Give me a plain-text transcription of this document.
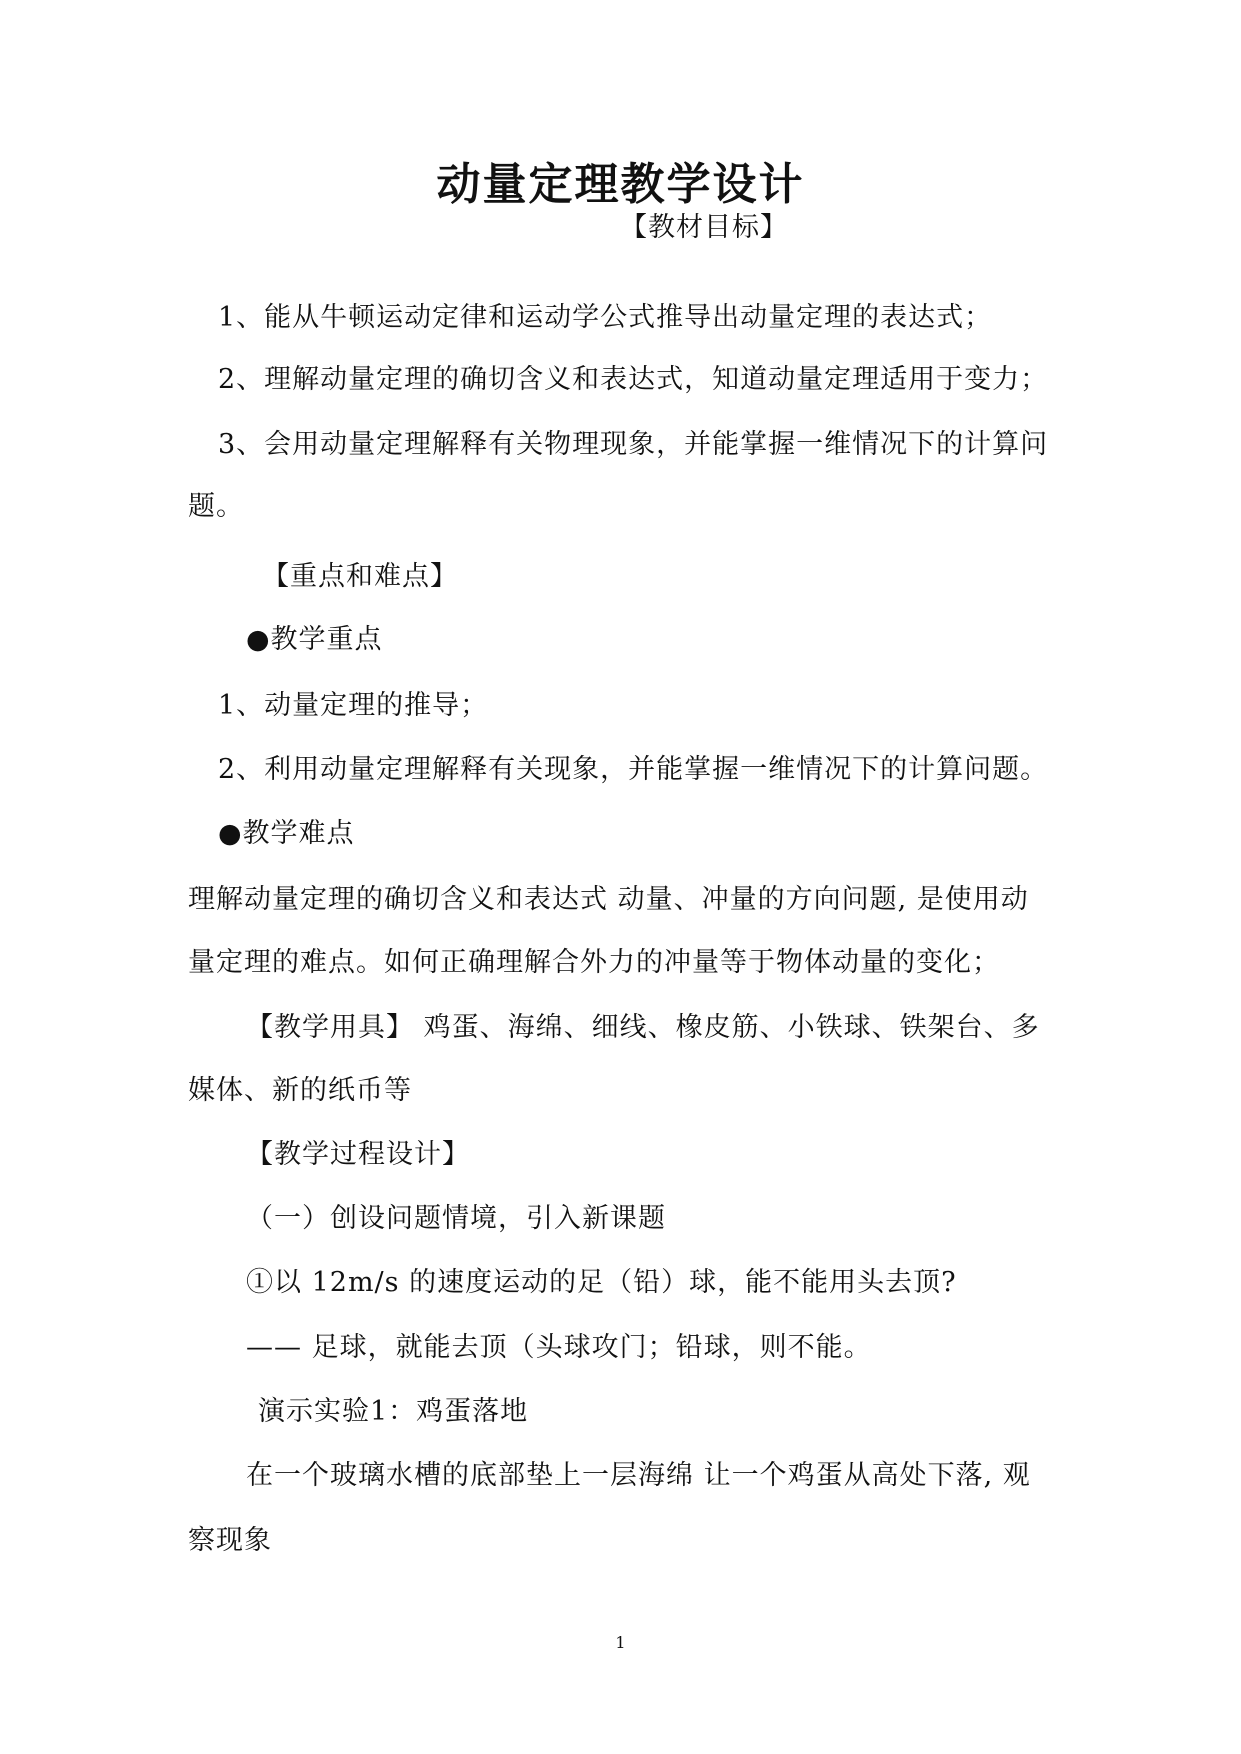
动量定理教学设计
【教材目标】
1、能从牛顿运动定律和运动学公式推导出动量定理的表达式；
2、理解动量定理的确切含义和表达式，知道动量定理适用于变力；
3、会用动量定理解释有关物理现象，并能掌握一维情况下的计算问
题。
【重点和难点】
●教学重点
1、动量定理的推导；
2、利用动量定理解释有关现象，并能掌握一维情况下的计算问题。
●教学难点
理解动量定理的确切含义和表达式 动量、冲量的方向问题, 是使用动
量定理的难点。如何正确理解合外力的冲量等于物体动量的变化；
【教学用具】 鸡蛋、海绵、细线、橡皮筋、小铁球、铁架台、多
媒体、新的纸币等
【教学过程设计】
（一）创设问题情境，引入新课题
①以 12m/s 的速度运动的足（铅）球，能不能用头去顶?
—— 足球，就能去顶（头球攻门；铅球，则不能。
演示实验1：鸡蛋落地
在一个玻璃水槽的底部垫上一层海绵 让一个鸡蛋从高处下落, 观
察现象
1
